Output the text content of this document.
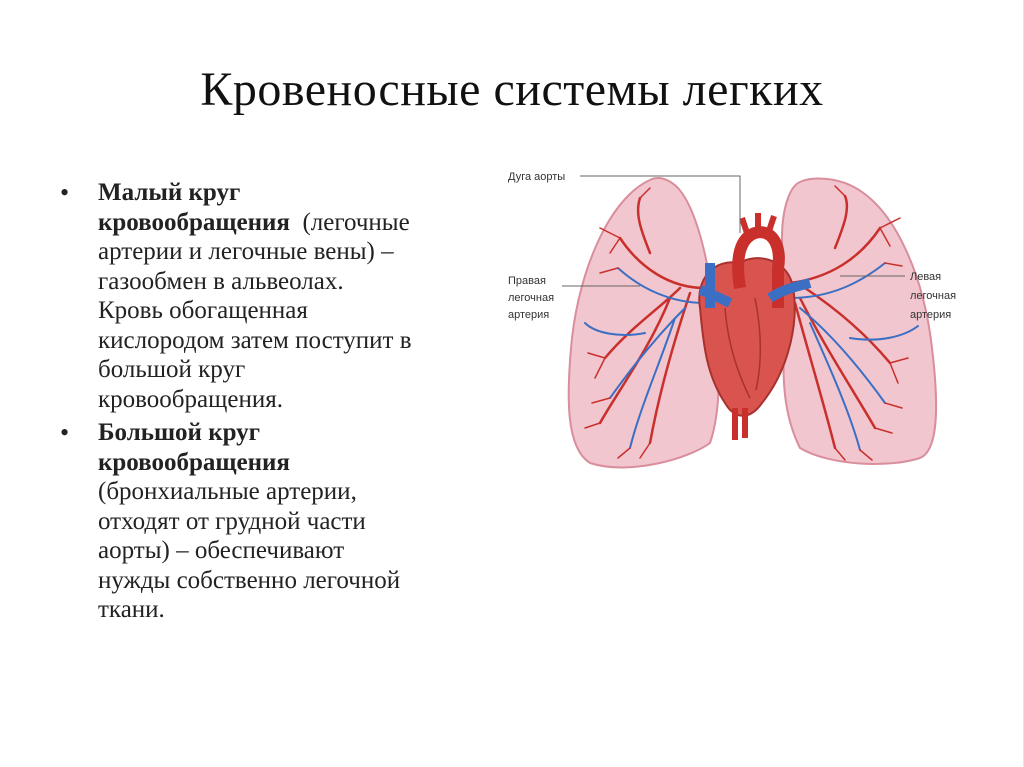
Кровеносные системы легких
• Малый круг
кровообращения  (легочные
артерии и легочные вены) –
газообмен в альвеолах.
Кровь обогащенная
кислородом затем поступит в
большой круг
кровообращения.
• Большой круг
кровообращения
(бронхиальные артерии,
отходят от грудной части
аорты) – обеспечивают
нужды собственно легочной
ткани.
Дуга аорты
Правая
легочная
артерия
Левая
легочная
артерия
